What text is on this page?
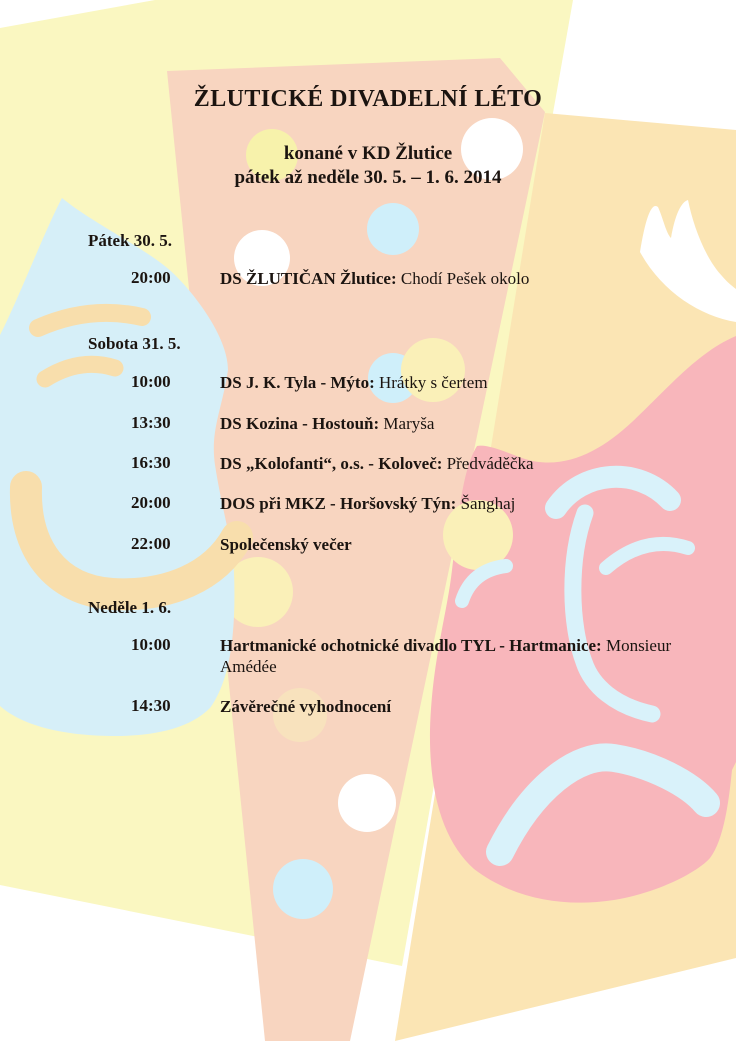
ŽLUTICKÉ DIVADELNÍ LÉTO
konané v KD Žlutice
pátek až neděle 30. 5. – 1. 6. 2014
Pátek 30. 5.
20:00	DS ŽLUTIČAN Žlutice: Chodí Pešek okolo
Sobota 31. 5.
10:00	DS J. K. Tyla - Mýto: Hrátky s čertem
13:30	DS Kozina - Hostouň: Maryša
16:30	DS „Kolofanti“, o.s. - Koloveč: Předváděčka
20:00	DOS při MKZ - Horšovský Týn: Šanghaj
22:00	Společenský večer
Neděle 1. 6.
10:00	Hartmanické ochotnické divadlo TYL - Hartmanice: Monsieur Amédée
14:30	Závěrečné vyhodnocení
